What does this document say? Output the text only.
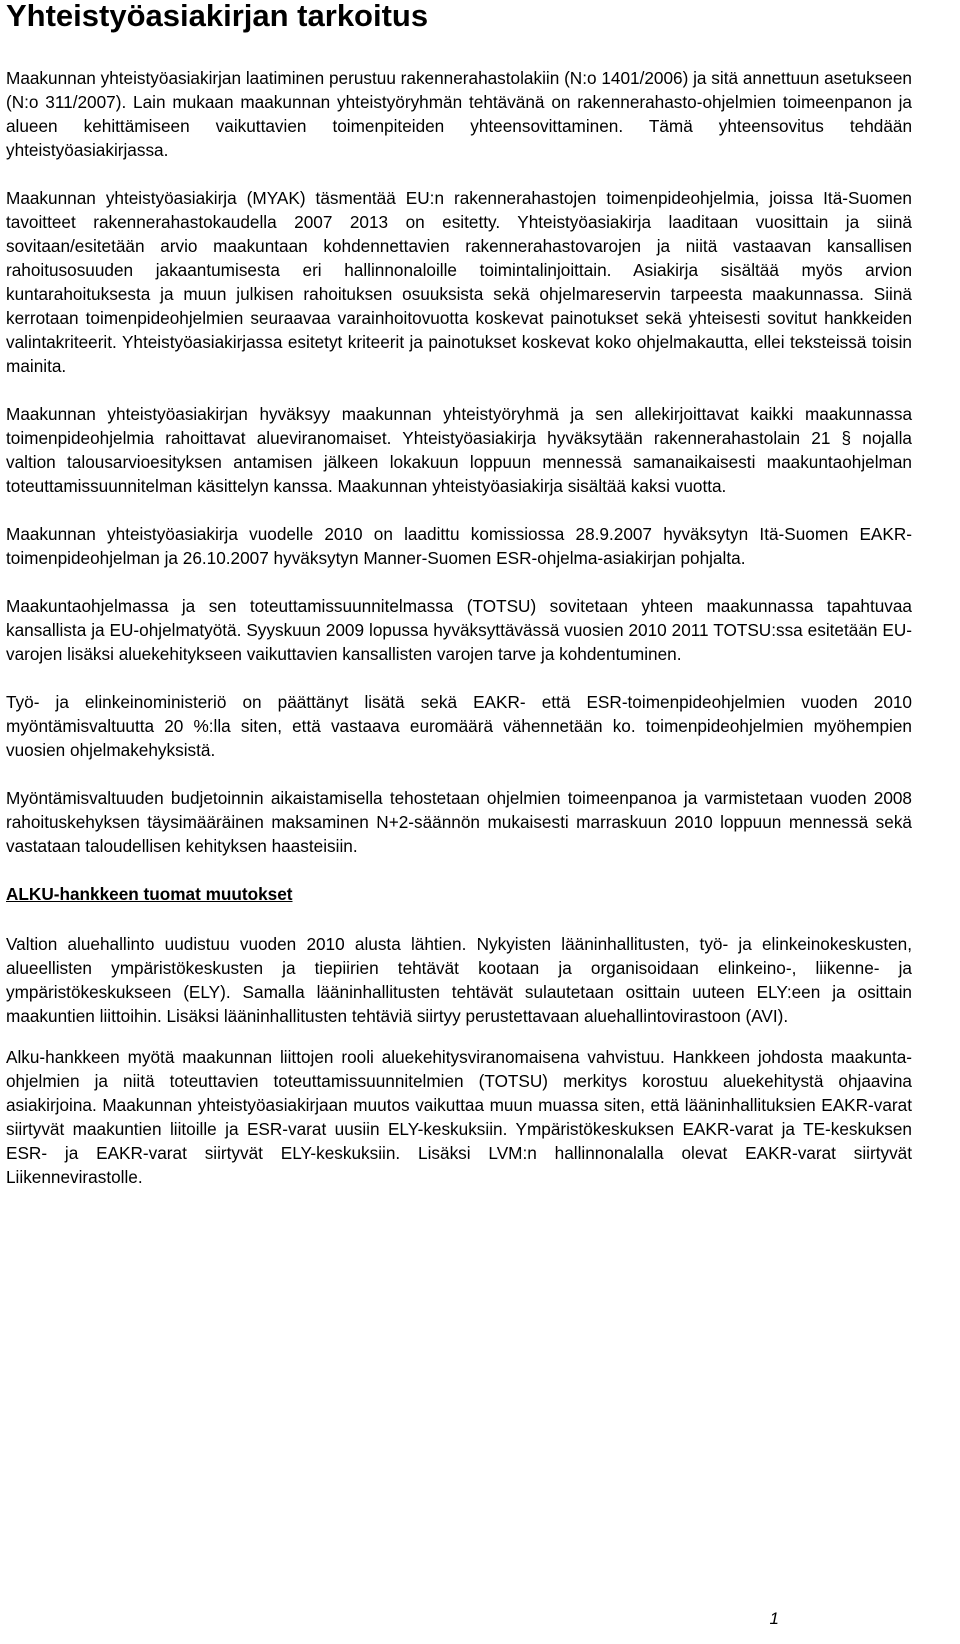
Yhteistyöasiakirjan tarkoitus

Maakunnan yhteistyöasiakirjan laatiminen perustuu rakennerahastolakiin (N:o 1401/2006) ja sitä annettuun asetukseen (N:o 311/2007). Lain mukaan maakunnan yhteistyöryhmän tehtävänä on rakennerahasto-ohjelmien toimeenpanon ja alueen kehittämiseen vaikuttavien toimenpiteiden yhteensovittaminen. Tämä yhteensovitus tehdään yhteistyöasiakirjassa.

Maakunnan yhteistyöasiakirja (MYAK) täsmentää EU:n rakennerahastojen toimenpideohjelmia, joissa Itä-Suomen tavoitteet rakennerahastokaudella 2007 2013 on esitetty. Yhteistyöasiakirja laaditaan vuosittain ja siinä sovitaan/esitetään arvio maakuntaan kohdennettavien rakennerahastovarojen ja niitä vastaavan kansallisen rahoitusosuuden jakaantumisesta eri hallinnonaloille toimintalinjoittain. Asiakirja sisältää myös arvion kuntarahoituksesta ja muun julkisen rahoituksen osuuksista sekä ohjelmareservin tarpeesta maakunnassa. Siinä kerrotaan toimenpideohjelmien seuraavaa varainhoitovuotta koskevat painotukset sekä yhteisesti sovitut hankkeiden valintakriteerit. Yhteistyöasiakirjassa esitetyt kriteerit ja painotukset koskevat koko ohjelmakautta, ellei teksteissä toisin mainita.

Maakunnan yhteistyöasiakirjan hyväksyy maakunnan yhteistyöryhmä ja sen allekirjoittavat kaikki maakunnassa toimenpideohjelmia rahoittavat alueviranomaiset. Yhteistyöasiakirja hyväksytään rakennerahastolain 21 § nojalla valtion talousarvioesityksen antamisen jälkeen lokakuun loppuun mennessä samanaikaisesti maakuntaohjelman toteuttamissuunnitelman käsittelyn kanssa. Maakunnan yhteistyöasiakirja sisältää kaksi vuotta.

Maakunnan yhteistyöasiakirja vuodelle 2010 on laadittu komissiossa 28.9.2007 hyväksytyn Itä-Suomen EAKR-toimenpideohjelman ja 26.10.2007 hyväksytyn Manner-Suomen ESR-ohjelma-asiakirjan pohjalta.

Maakuntaohjelmassa ja sen toteuttamissuunnitelmassa (TOTSU) sovitetaan yhteen maakunnassa tapahtuvaa kansallista ja EU-ohjelmatyötä. Syyskuun 2009 lopussa hyväksyttävässä vuosien 2010 2011 TOTSU:ssa esitetään EU-varojen lisäksi aluekehitykseen vaikuttavien kansallisten varojen tarve ja kohdentuminen.

Työ- ja elinkeinoministeriö on päättänyt lisätä sekä EAKR- että ESR-toimenpideohjelmien vuoden 2010 myöntämisvaltuutta 20 %:lla siten, että vastaava euromäärä vähennetään ko. toimenpideohjelmien myöhempien vuosien ohjelmakehyksistä.

Myöntämisvaltuuden budjetoinnin aikaistamisella tehostetaan ohjelmien toimeenpanoa ja varmistetaan vuoden 2008 rahoituskehyksen täysimääräinen maksaminen N+2-säännön mukaisesti marraskuun 2010 loppuun mennessä sekä vastataan taloudellisen kehityksen haasteisiin.

ALKU-hankkeen tuomat muutokset

Valtion aluehallinto uudistuu vuoden 2010 alusta lähtien. Nykyisten lääninhallitusten, työ- ja elinkeinokeskusten, alueellisten ympäristökeskusten ja tiepiirien tehtävät kootaan ja organisoidaan elinkeino-, liikenne- ja ympäristökeskukseen (ELY). Samalla lääninhallitusten tehtävät sulautetaan osittain uuteen ELY:een ja osittain maakuntien liittoihin. Lisäksi lääninhallitusten tehtäviä siirtyy perustettavaan aluehallintovirastoon (AVI).

Alku-hankkeen myötä maakunnan liittojen rooli aluekehitysviranomaisena vahvistuu. Hankkeen johdosta maakunta-ohjelmien ja niitä toteuttavien toteuttamissuunnitelmien (TOTSU) merkitys korostuu aluekehitystä ohjaavina asiakirjoina. Maakunnan yhteistyöasiakirjaan muutos vaikuttaa muun muassa siten, että lääninhallituksien EAKR-varat siirtyvät maakuntien liitoille ja ESR-varat uusiin ELY-keskuksiin. Ympäristökeskuksen EAKR-varat ja TE-keskuksen ESR- ja EAKR-varat siirtyvät ELY-keskuksiin. Lisäksi LVM:n hallinnonalalla olevat EAKR-varat siirtyvät Liikennevirastolle.

1
